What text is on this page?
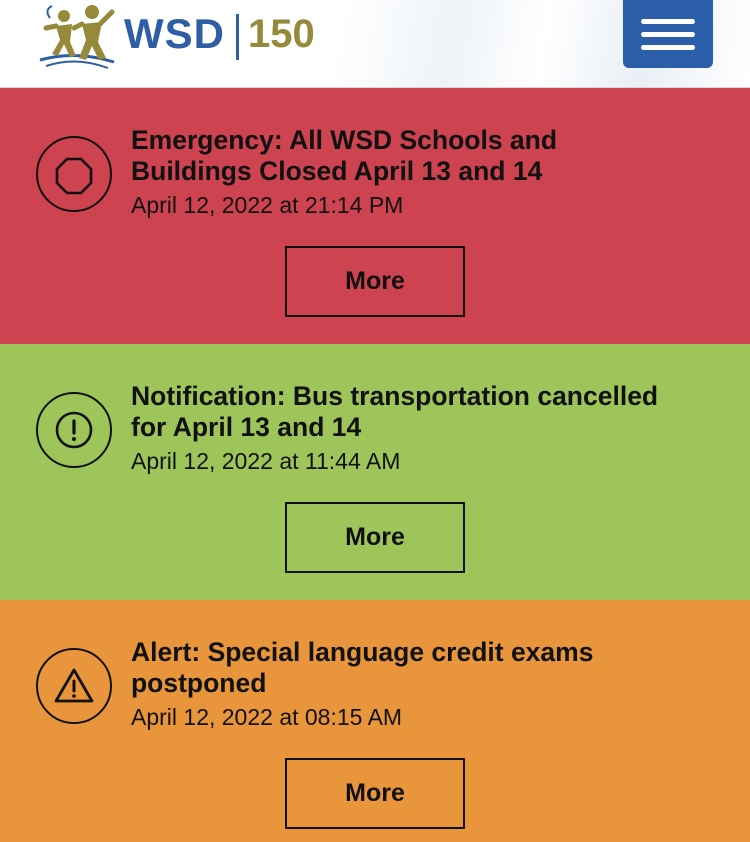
WSD 150
Emergency: All WSD Schools and
Buildings Closed April 13 and 14
April 12, 2022 at 21:14 PM
More
Notification: Bus transportation cancelled
for April 13 and 14
April 12, 2022 at 11:44 AM
More
Alert: Special language credit exams
postponed
April 12, 2022 at 08:15 AM
More
